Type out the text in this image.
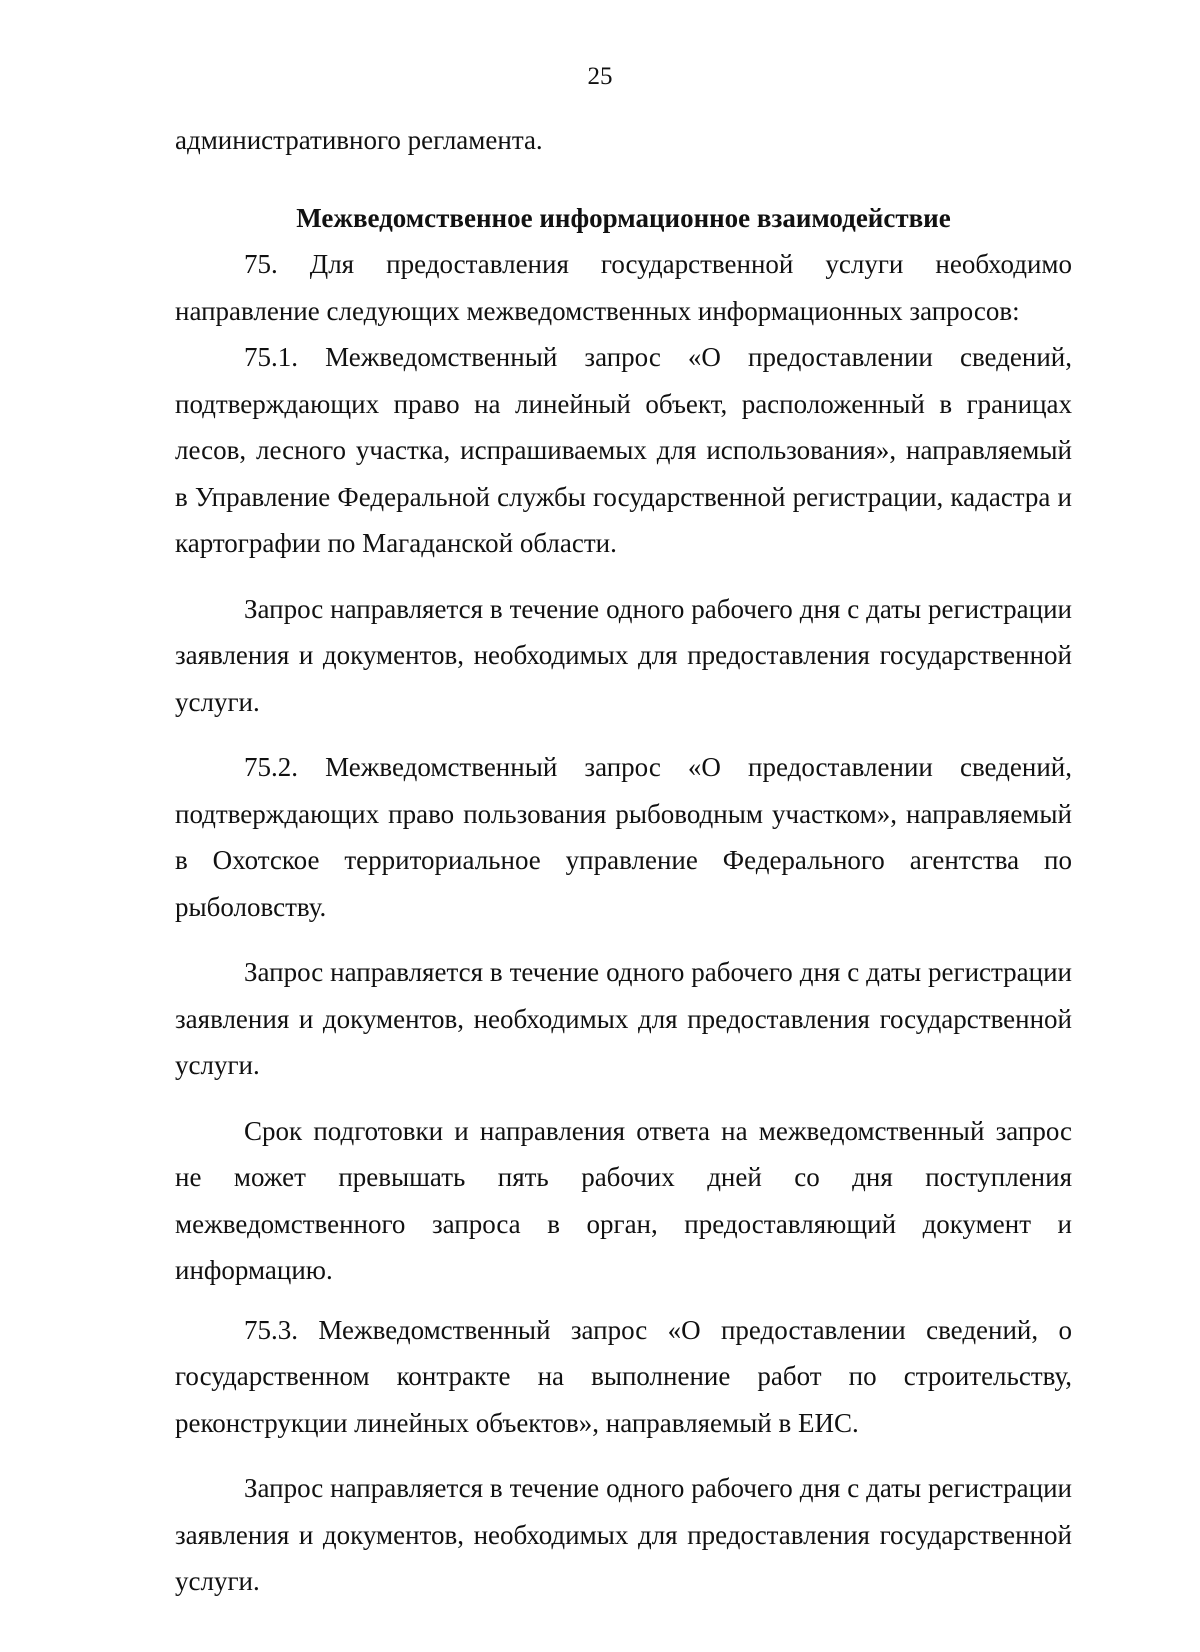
25

административного регламента.

Межведомственное информационное взаимодействие

75. Для предоставления государственной услуги необходимо направление следующих межведомственных информационных запросов:

75.1. Межведомственный запрос «О предоставлении сведений, подтверждающих право на линейный объект, расположенный в границах лесов, лесного участка, испрашиваемых для использования», направляемый в Управление Федеральной службы государственной регистрации, кадастра и картографии по Магаданской области.

Запрос направляется в течение одного рабочего дня с даты регистрации заявления и документов, необходимых для предоставления государственной услуги.

75.2. Межведомственный запрос «О предоставлении сведений, подтверждающих право пользования рыбоводным участком», направляемый в Охотское территориальное управление Федерального агентства по рыболовству.

Запрос направляется в течение одного рабочего дня с даты регистрации заявления и документов, необходимых для предоставления государственной услуги.

Срок подготовки и направления ответа на межведомственный запрос не может превышать пять рабочих дней со дня поступления межведомственного запроса в орган, предоставляющий документ и информацию.

75.3. Межведомственный запрос «О предоставлении сведений, о государственном контракте на выполнение работ по строительству, реконструкции линейных объектов», направляемый в ЕИС.

Запрос направляется в течение одного рабочего дня с даты регистрации заявления и документов, необходимых для предоставления государственной услуги.
